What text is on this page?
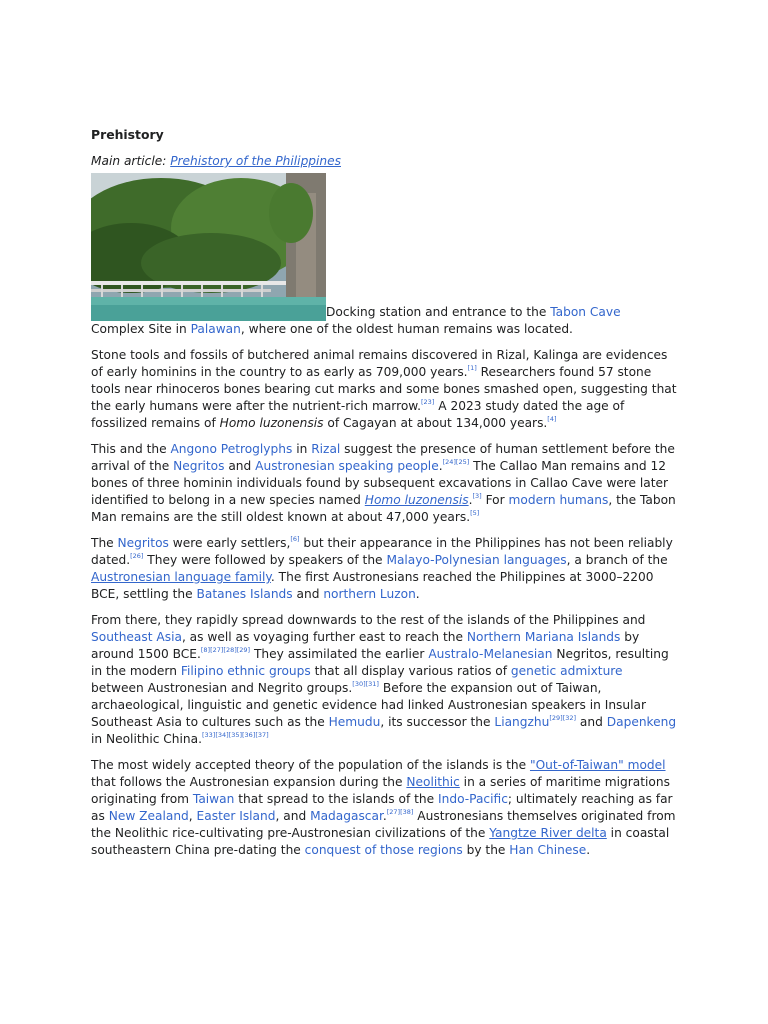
Prehistory
Main article: Prehistory of the Philippines
Docking station and entrance to the Tabon Cave Complex Site in Palawan, where one of the oldest human remains was located.

Stone tools and fossils of butchered animal remains discovered in Rizal, Kalinga are evidences of early hominins in the country to as early as 709,000 years.[1] Researchers found 57 stone tools near rhinoceros bones bearing cut marks and some bones smashed open, suggesting that the early humans were after the nutrient-rich marrow.[23] A 2023 study dated the age of fossilized remains of Homo luzonensis of Cagayan at about 134,000 years.[4]

This and the Angono Petroglyphs in Rizal suggest the presence of human settlement before the arrival of the Negritos and Austronesian speaking people.[24][25] The Callao Man remains and 12 bones of three hominin individuals found by subsequent excavations in Callao Cave were later identified to belong in a new species named Homo luzonensis.[3] For modern humans, the Tabon Man remains are the still oldest known at about 47,000 years.[5]

The Negritos were early settlers,[6] but their appearance in the Philippines has not been reliably dated.[26] They were followed by speakers of the Malayo-Polynesian languages, a branch of the Austronesian language family. The first Austronesians reached the Philippines at 3000–2200 BCE, settling the Batanes Islands and northern Luzon.

From there, they rapidly spread downwards to the rest of the islands of the Philippines and Southeast Asia, as well as voyaging further east to reach the Northern Mariana Islands by around 1500 BCE.[8][27][28][29] They assimilated the earlier Australo-Melanesian Negritos, resulting in the modern Filipino ethnic groups that all display various ratios of genetic admixture between Austronesian and Negrito groups.[30][31] Before the expansion out of Taiwan, archaeological, linguistic and genetic evidence had linked Austronesian speakers in Insular Southeast Asia to cultures such as the Hemudu, its successor the Liangzhu[29][32] and Dapenkeng in Neolithic China.[33][34][35][36][37]

The most widely accepted theory of the population of the islands is the "Out-of-Taiwan" model that follows the Austronesian expansion during the Neolithic in a series of maritime migrations originating from Taiwan that spread to the islands of the Indo-Pacific; ultimately reaching as far as New Zealand, Easter Island, and Madagascar.[27][38] Austronesians themselves originated from the Neolithic rice-cultivating pre-Austronesian civilizations of the Yangtze River delta in coastal southeastern China pre-dating the conquest of those regions by the Han Chinese.
